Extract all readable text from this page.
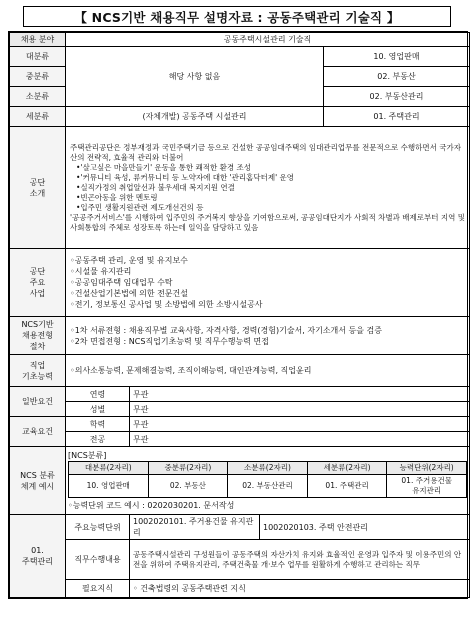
【 NCS기반 채용직무 설명자료 : 공동주택관리 기술직 】
채용 분야	공동주택시설관리 기술직
대분류	해당 사항 없음	10. 영업판매
중분류	02. 부동산
소분류	02. 부동산관리
세분류	(자체개발) 공동주택 시설관리	01. 주택관리
공단
소개	
주택관리공단은 정부재정과 국민주택기금 등으로 건설한 공공임대주택의 임대관리업무를 전문적으로 수행하면서 국가자산의 전략적, 효율적 관리와 더불어
•'살고싶은 마을만들기' 운동을 통한 쾌적한 환경 조성
•'커뮤니티 육성, 류커뮤니티 등 노약자에 대한 '관리홈닥터제' 운영
•실직가정의 취업알선과 불우세대 복지지원 연결
•빈곤아동을 위한 멘토링
•입주민 생활지원관련 제도개선건의 등
'공공주거서비스'를 시행하여 입주민의 주거복지 향상을 기여함으로써, 공공임대단지가 사회적 차별과 배제로부터 지역 및 사회통합의 주체로 성장토록 하는데 일익을 담당하고 있음

공단
주요
사업	
◦공동주택 관리, 운영 및 유지보수
◦시설물 유지관리
◦공공임대주택 임대업무 수탁
◦건설산업기본법에 의한 전문건설
◦전기, 정보통신 공사업 및 소방법에 의한 소방시설공사

NCS기반
채용전형
절차	
◦1차 서류전형 : 채용직무별 교육사항, 자격사항, 경력(경험)기술서, 자기소개서 등을 검증
◦2차 면접전형 : NCS직업기초능력 및 직무수행능력 면접

직업
기초능력	◦의사소통능력, 문제해결능력, 조직이해능력, 대인관계능력, 직업윤리
일반요건	연령	무관
성별	무관
교육요건	학력	무관
전공	무관
NCS 분류
체계 예시	
[NCS분류]
대분류(2자리)	중분류(2자리)	소분류(2자리)	세분류(2자리)	능력단위(2자리)
10. 영업판매	02. 부동산	02. 부동산관리	01. 주택관리	01. 주거용건물
유지관리
◦능력단위 코드 예시 : 0202030201. 문서작성

01.
주택관리	주요능력단위	1002020101. 주거용건물 유지관리	1002020103. 주택 안전관리
직무수행내용	공동주택시설관리 구성원들이 공동주택의 자산가치 유지와 효율적인 운영과 입주자 및 이용주민의 안전을 위하여 주택유지관리, 주택건축물 개·보수 업무를 원활하게 수행하고 관리하는 직무
필요지식	◦ 건축법령의 공동주택관련 지식
